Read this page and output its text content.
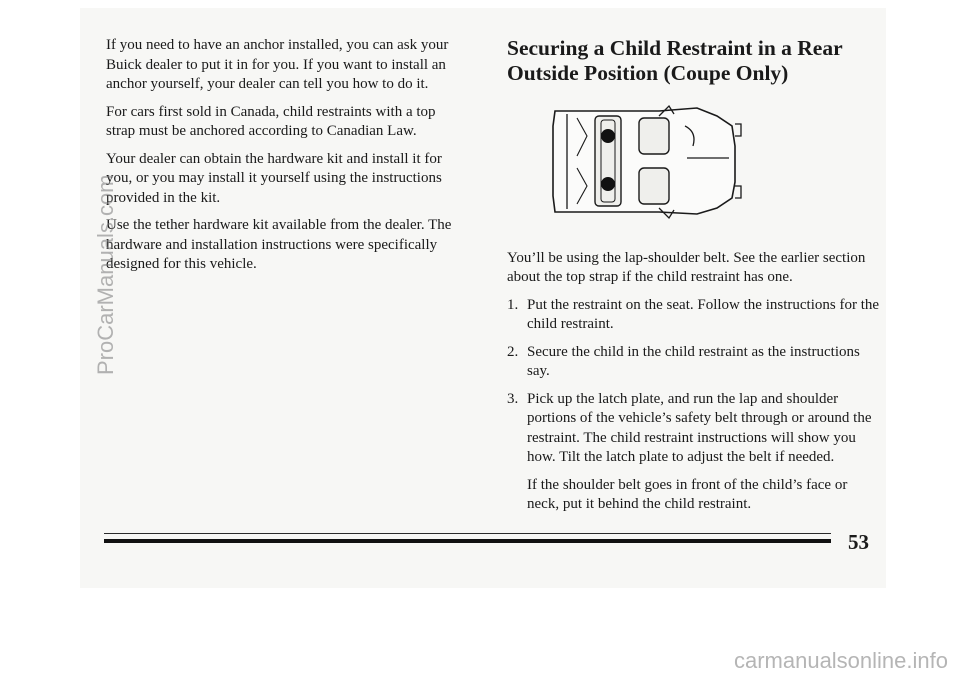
If you need to have an anchor installed, you can ask your Buick dealer to put it in for you. If you want to install an anchor yourself, your dealer can tell you how to do it.

For cars first sold in Canada, child restraints with a top strap must be anchored according to Canadian Law.

Your dealer can obtain the hardware kit and install it for you, or you may install it yourself using the instructions provided in the kit.

Use the tether hardware kit available from the dealer. The hardware and installation instructions were specifically designed for this vehicle.

Securing a Child Restraint in a Rear Outside Position (Coupe Only)

You’ll be using the lap-shoulder belt. See the earlier section about the top strap if the child restraint has one.

1. Put the restraint on the seat. Follow the instructions for the child restraint.
2. Secure the child in the child restraint as the instructions say.
3. Pick up the latch plate, and run the lap and shoulder portions of the vehicle’s safety belt through or around the restraint. The child restraint instructions will show you how. Tilt the latch plate to adjust the belt if needed.

If the shoulder belt goes in front of the child’s face or neck, put it behind the child restraint.

53
ProCarManuals.com
carmanualsonline.info
